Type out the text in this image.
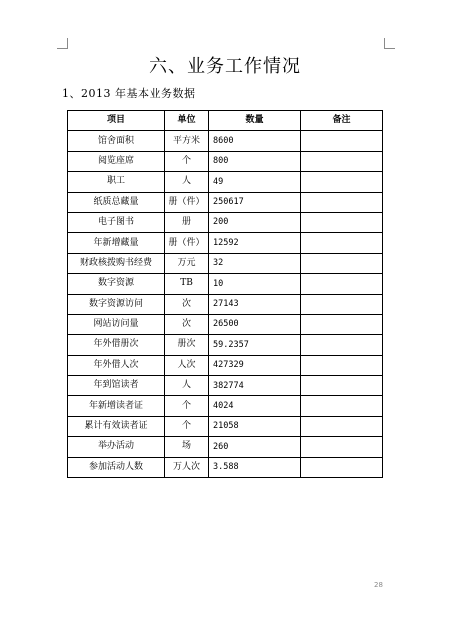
六、业务工作情况
1、2013 年基本业务数据
项目	单位	数量	备注
馆舍面积	平方米	8600	
阅览座席	个	800	
职工	人	49	
纸质总藏量	册（件）	250617	
电子图书	册	200	
年新增藏量	册（件）	12592	
财政核拨购书经费	万元	32	
数字资源	TB	10	
数字资源访问	次	27143	
网站访问量	次	26500	
年外借册次	册次	59.2357	
年外借人次	人次	427329	
年到馆读者	人	382774	
年新增读者证	个	4024	
累计有效读者证	个	21058	
举办活动	场	260	
参加活动人数	万人次	3.588	
28
